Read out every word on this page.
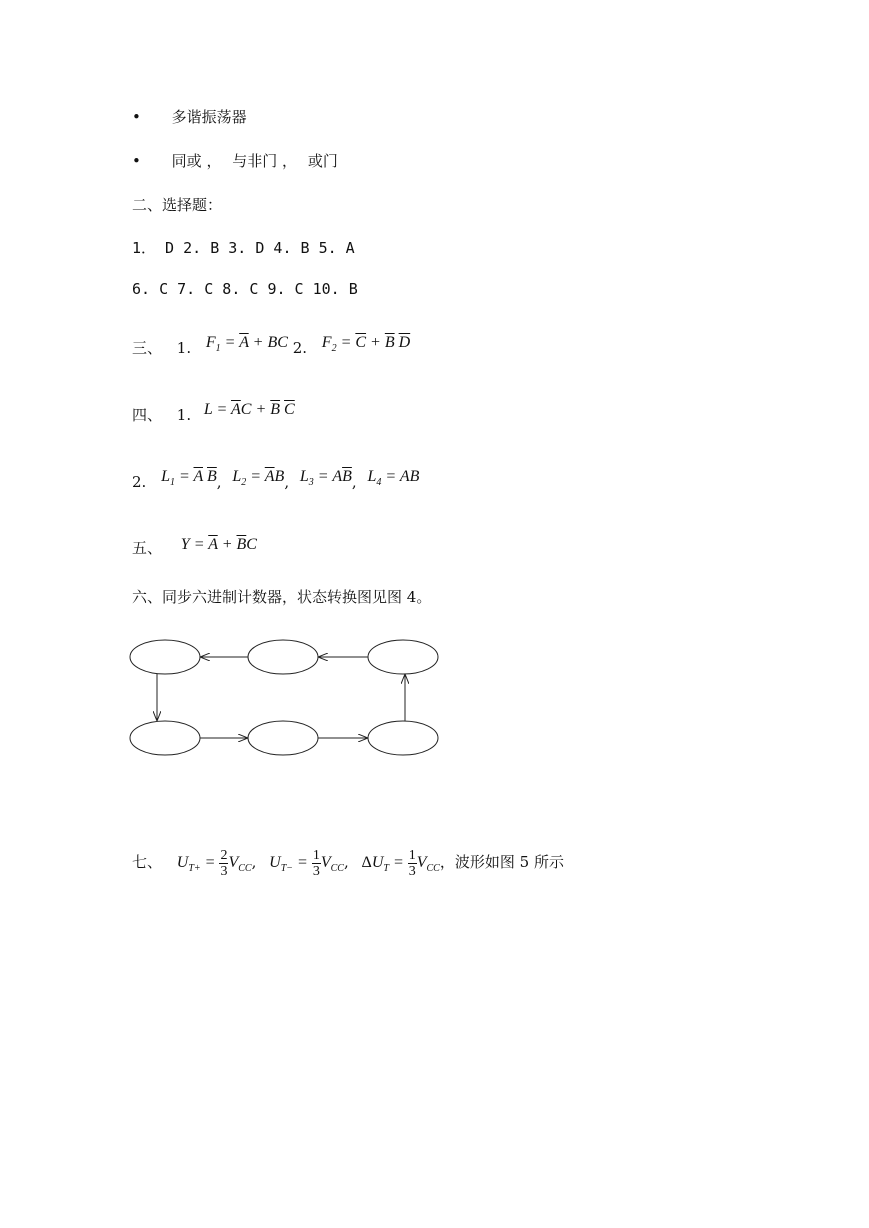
• 多谐振荡器
• 同或 ， 与非门 ， 或门
二、选择题：
1． D 2. B 3. D 4. B 5. A
6. C 7. C 8. C 9. C 10. B
三、 1. $F_1 = \overline{A}$ + BC 2. $F_2 = \overline{C} + \overline{B}$ $\overline{D}$
四、 1. $L = \overline{A}C + \overline{B}$ $\overline{C}$
2. $L_1 = \overline{A}$ $\overline{B}$, $L_2 = \overline{A}B$, $L_3 = A\overline{B}$, $L_4$ = AB
五、 $Y = \overline{A} + \overline{B}C$
六、同步六进制计数器，状态转换图见图 4。
七、 $U_{T+} = \frac{2}{3} V_{CC}$, $U_{T-} = \frac{1}{3} V_{CC}$, $\Delta U_T = \frac{1}{3} V_{CC}$，波形如图 5 所示
